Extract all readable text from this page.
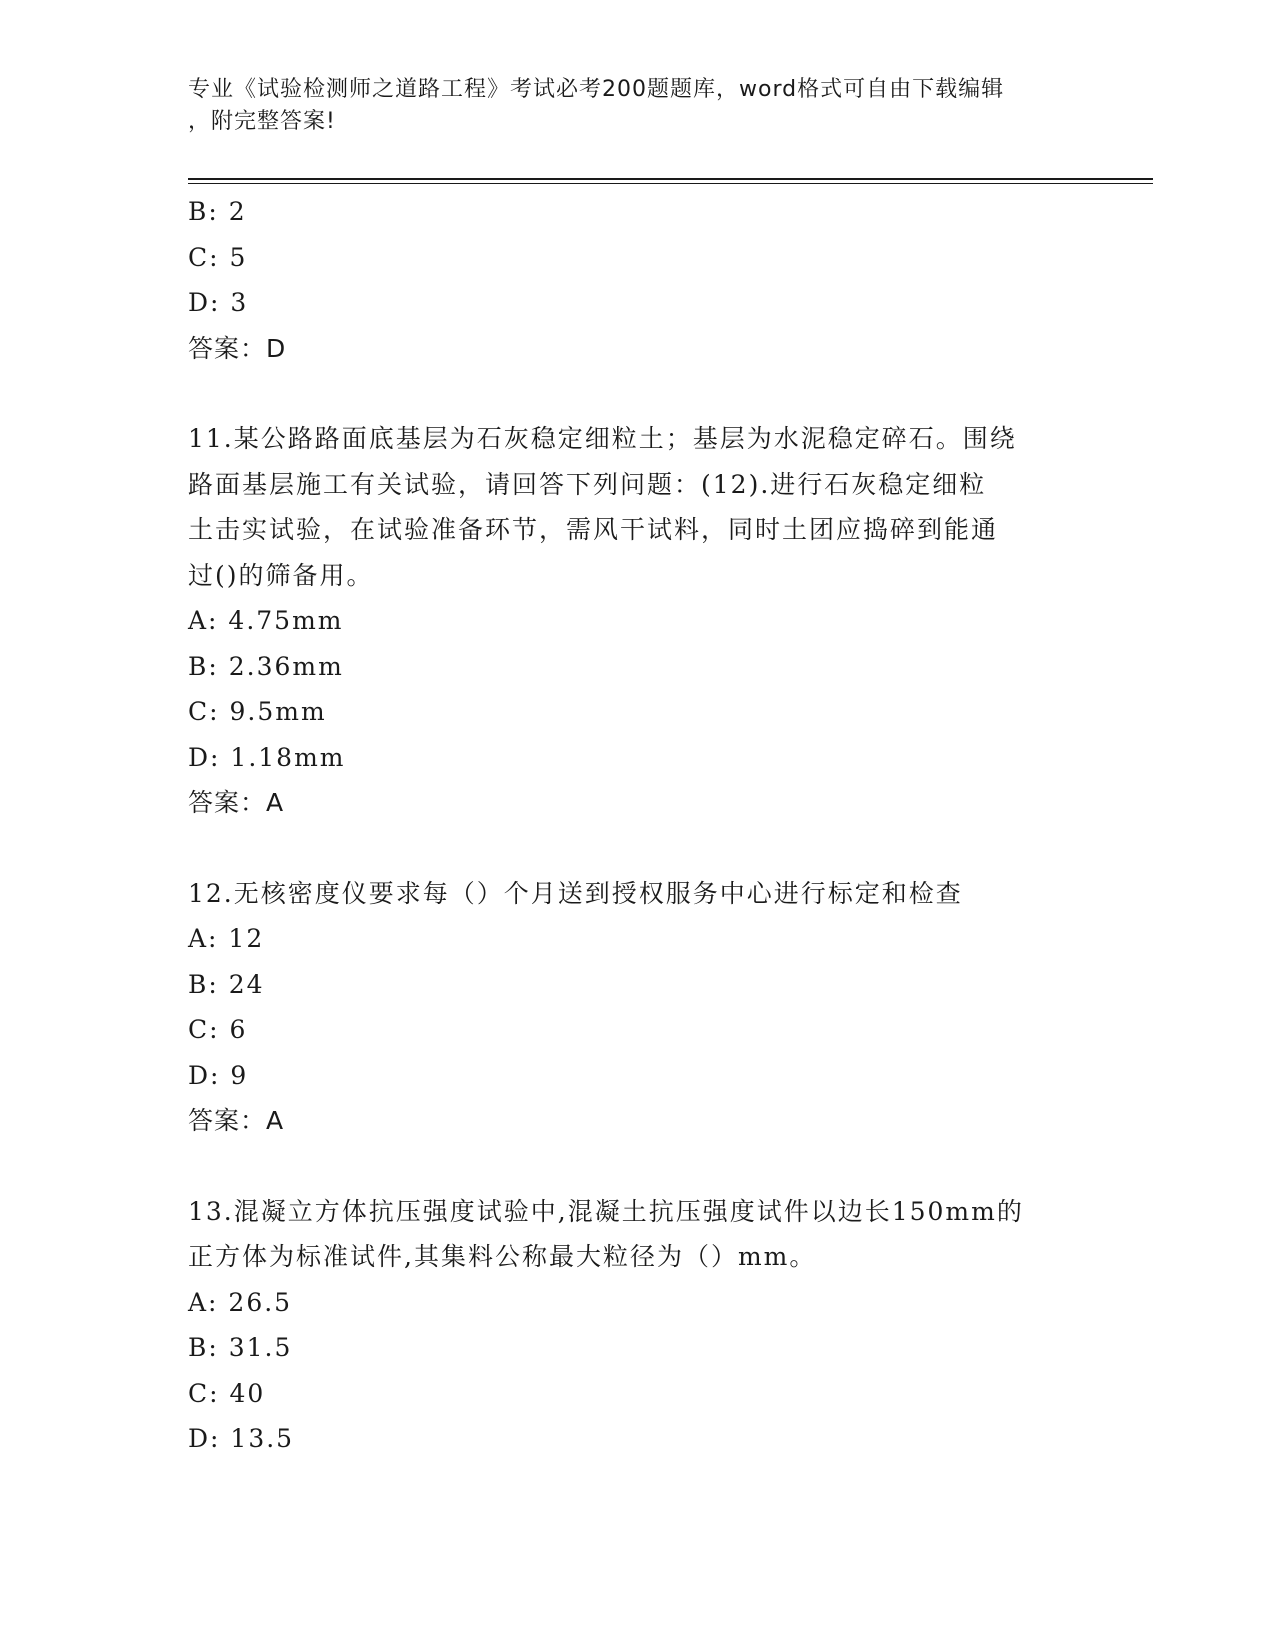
专业《试验检测师之道路工程》考试必考200题题库，word格式可自由下载编辑
，附完整答案!
B: 2
C: 5
D: 3
答案：D
11.某公路路面底基层为石灰稳定细粒土；基层为水泥稳定碎石。围绕
路面基层施工有关试验，请回答下列问题：(12).进行石灰稳定细粒
土击实试验，在试验准备环节，需风干试料，同时土团应捣碎到能通
过()的筛备用。
A: 4.75mm
B: 2.36mm
C: 9.5mm
D: 1.18mm
答案：A
12.无核密度仪要求每（）个月送到授权服务中心进行标定和检查
A: 12
B: 24
C: 6
D: 9
答案：A
13.混凝立方体抗压强度试验中,混凝土抗压强度试件以边长150mm的
正方体为标准试件,其集料公称最大粒径为（）mm。
A: 26.5
B: 31.5
C: 40
D: 13.5
